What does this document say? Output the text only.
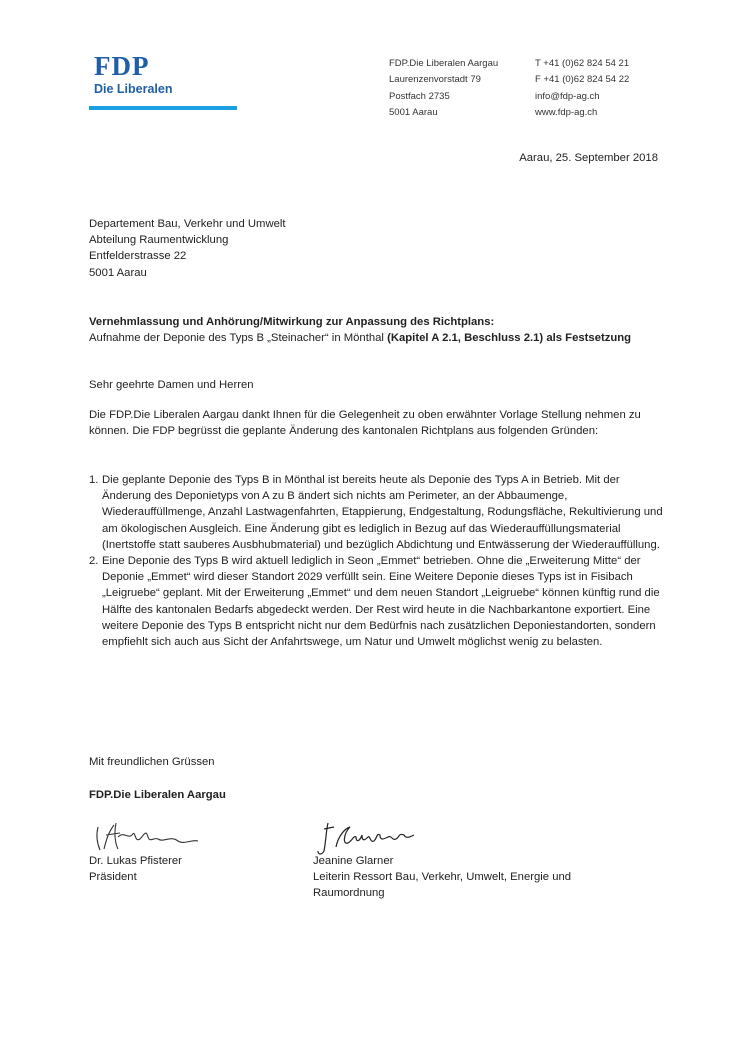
FDP
Die Liberalen
FDP.Die Liberalen Aargau
Laurenzenvorstadt 79
Postfach 2735
5001 Aarau
T +41 (0)62 824 54 21
F +41 (0)62 824 54 22
info@fdp-ag.ch
www.fdp-ag.ch
Aarau, 25. September 2018
Departement Bau, Verkehr und Umwelt
Abteilung Raumentwicklung
Entfelderstrasse 22
5001 Aarau
Vernehmlassung und Anhörung/Mitwirkung zur Anpassung des Richtplans:
Aufnahme der Deponie des Typs B „Steinacher“ in Mönthal (Kapitel A 2.1, Beschluss 2.1) als Festsetzung
Sehr geehrte Damen und Herren
Die FDP.Die Liberalen Aargau dankt Ihnen für die Gelegenheit zu oben erwähnter Vorlage Stellung nehmen zu können. Die FDP begrüsst die geplante Änderung des kantonalen Richtplans aus folgenden Gründen:
1. Die geplante Deponie des Typs B in Mönthal ist bereits heute als Deponie des Typs A in Betrieb. Mit der Änderung des Deponietyps von A zu B ändert sich nichts am Perimeter, an der Abbaumenge, Wiederauffüllmenge, Anzahl Lastwagenfahrten, Etappierung, Endgestaltung, Rodungsfläche, Rekultivierung und am ökologischen Ausgleich. Eine Änderung gibt es lediglich in Bezug auf das Wiederauffüllungsmaterial (Inertstoffe statt sauberes Ausbhubmaterial) und bezüglich Abdichtung und Entwässerung der Wiederauffüllung.
2. Eine Deponie des Typs B wird aktuell lediglich in Seon „Emmet“ betrieben. Ohne die „Erweiterung Mitte“ der Deponie „Emmet“ wird dieser Standort 2029 verfüllt sein. Eine Weitere Deponie dieses Typs ist in Fisibach „Leigruebe“ geplant. Mit der Erweiterung „Emmet“ und dem neuen Standort „Leigruebe“ können künftig rund die Hälfte des kantonalen Bedarfs abgedeckt werden. Der Rest wird heute in die Nachbarkantone exportiert. Eine weitere Deponie des Typs B entspricht nicht nur dem Bedürfnis nach zusätzlichen Deponiestandorten, sondern empfiehlt sich auch aus Sicht der Anfahrtswege, um Natur und Umwelt möglichst wenig zu belasten.
Mit freundlichen Grüssen
FDP.Die Liberalen Aargau
Dr. Lukas Pfisterer
Präsident
Jeanine Glarner
Leiterin Ressort Bau, Verkehr, Umwelt, Energie und Raumordnung
